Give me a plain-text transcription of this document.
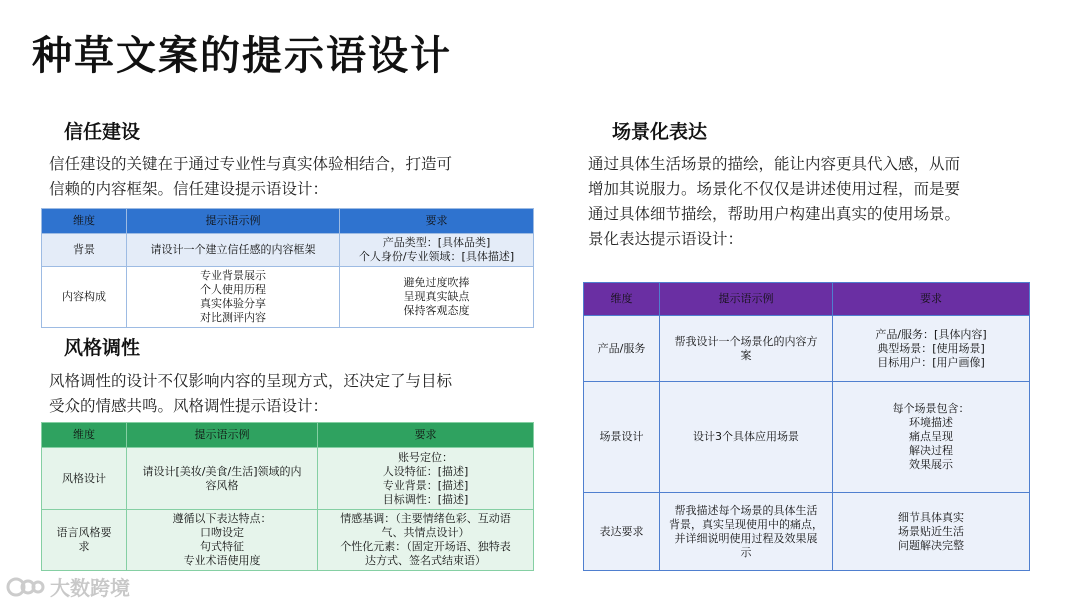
种草文案的提示语设计
信任建设
信任建设的关键在于通过专业性与真实体验相结合，打造可
信赖的内容框架。信任建设提示语设计：
维度	提示语示例	要求
背景	请设计一个建立信任感的内容框架	产品类型：[具体品类]
个人身份/专业领域：[具体描述]

内容构成	专业背景展示
个人使用历程
真实体验分享
对比测评内容	避免过度吹捧
呈现真实缺点
保持客观态度
风格调性
风格调性的设计不仅影响内容的呈现方式，还决定了与目标
受众的情感共鸣。风格调性提示语设计：
维度	提示语示例	要求

风格设计	请设计[美妆/美食/生活]领域的内
容风格	账号定位：
人设特征：[描述]
专业背景：[描述]
目标调性：[描述]

语言风格要
求	遵循以下表达特点：
口吻设定
句式特征
专业术语使用度	情感基调：（主要情绪色彩、互动语
气、共情点设计）
个性化元素：（固定开场语、独特表
达方式、签名式结束语）
场景化表达
通过具体生活场景的描绘，能让内容更具代入感，从而
增加其说服力。场景化不仅仅是讲述使用过程，而是要
通过具体细节描绘，帮助用户构建出真实的使用场景。
景化表达提示语设计：
维度	提示语示例	要求
产品/服务	帮我设计一个场景化的内容方
案	产品/服务：[具体内容]
典型场景：[使用场景]
目标用户：[用户画像]

场景设计	设计3个具体应用场景	每个场景包含：
环境描述
痛点呈现
解决过程
效果展示

表达要求	帮我描述每个场景的具体生活
背景，真实呈现使用中的痛点，
并详细说明使用过程及效果展
示	细节具体真实
场景贴近生活
问题解决完整
大数跨境
